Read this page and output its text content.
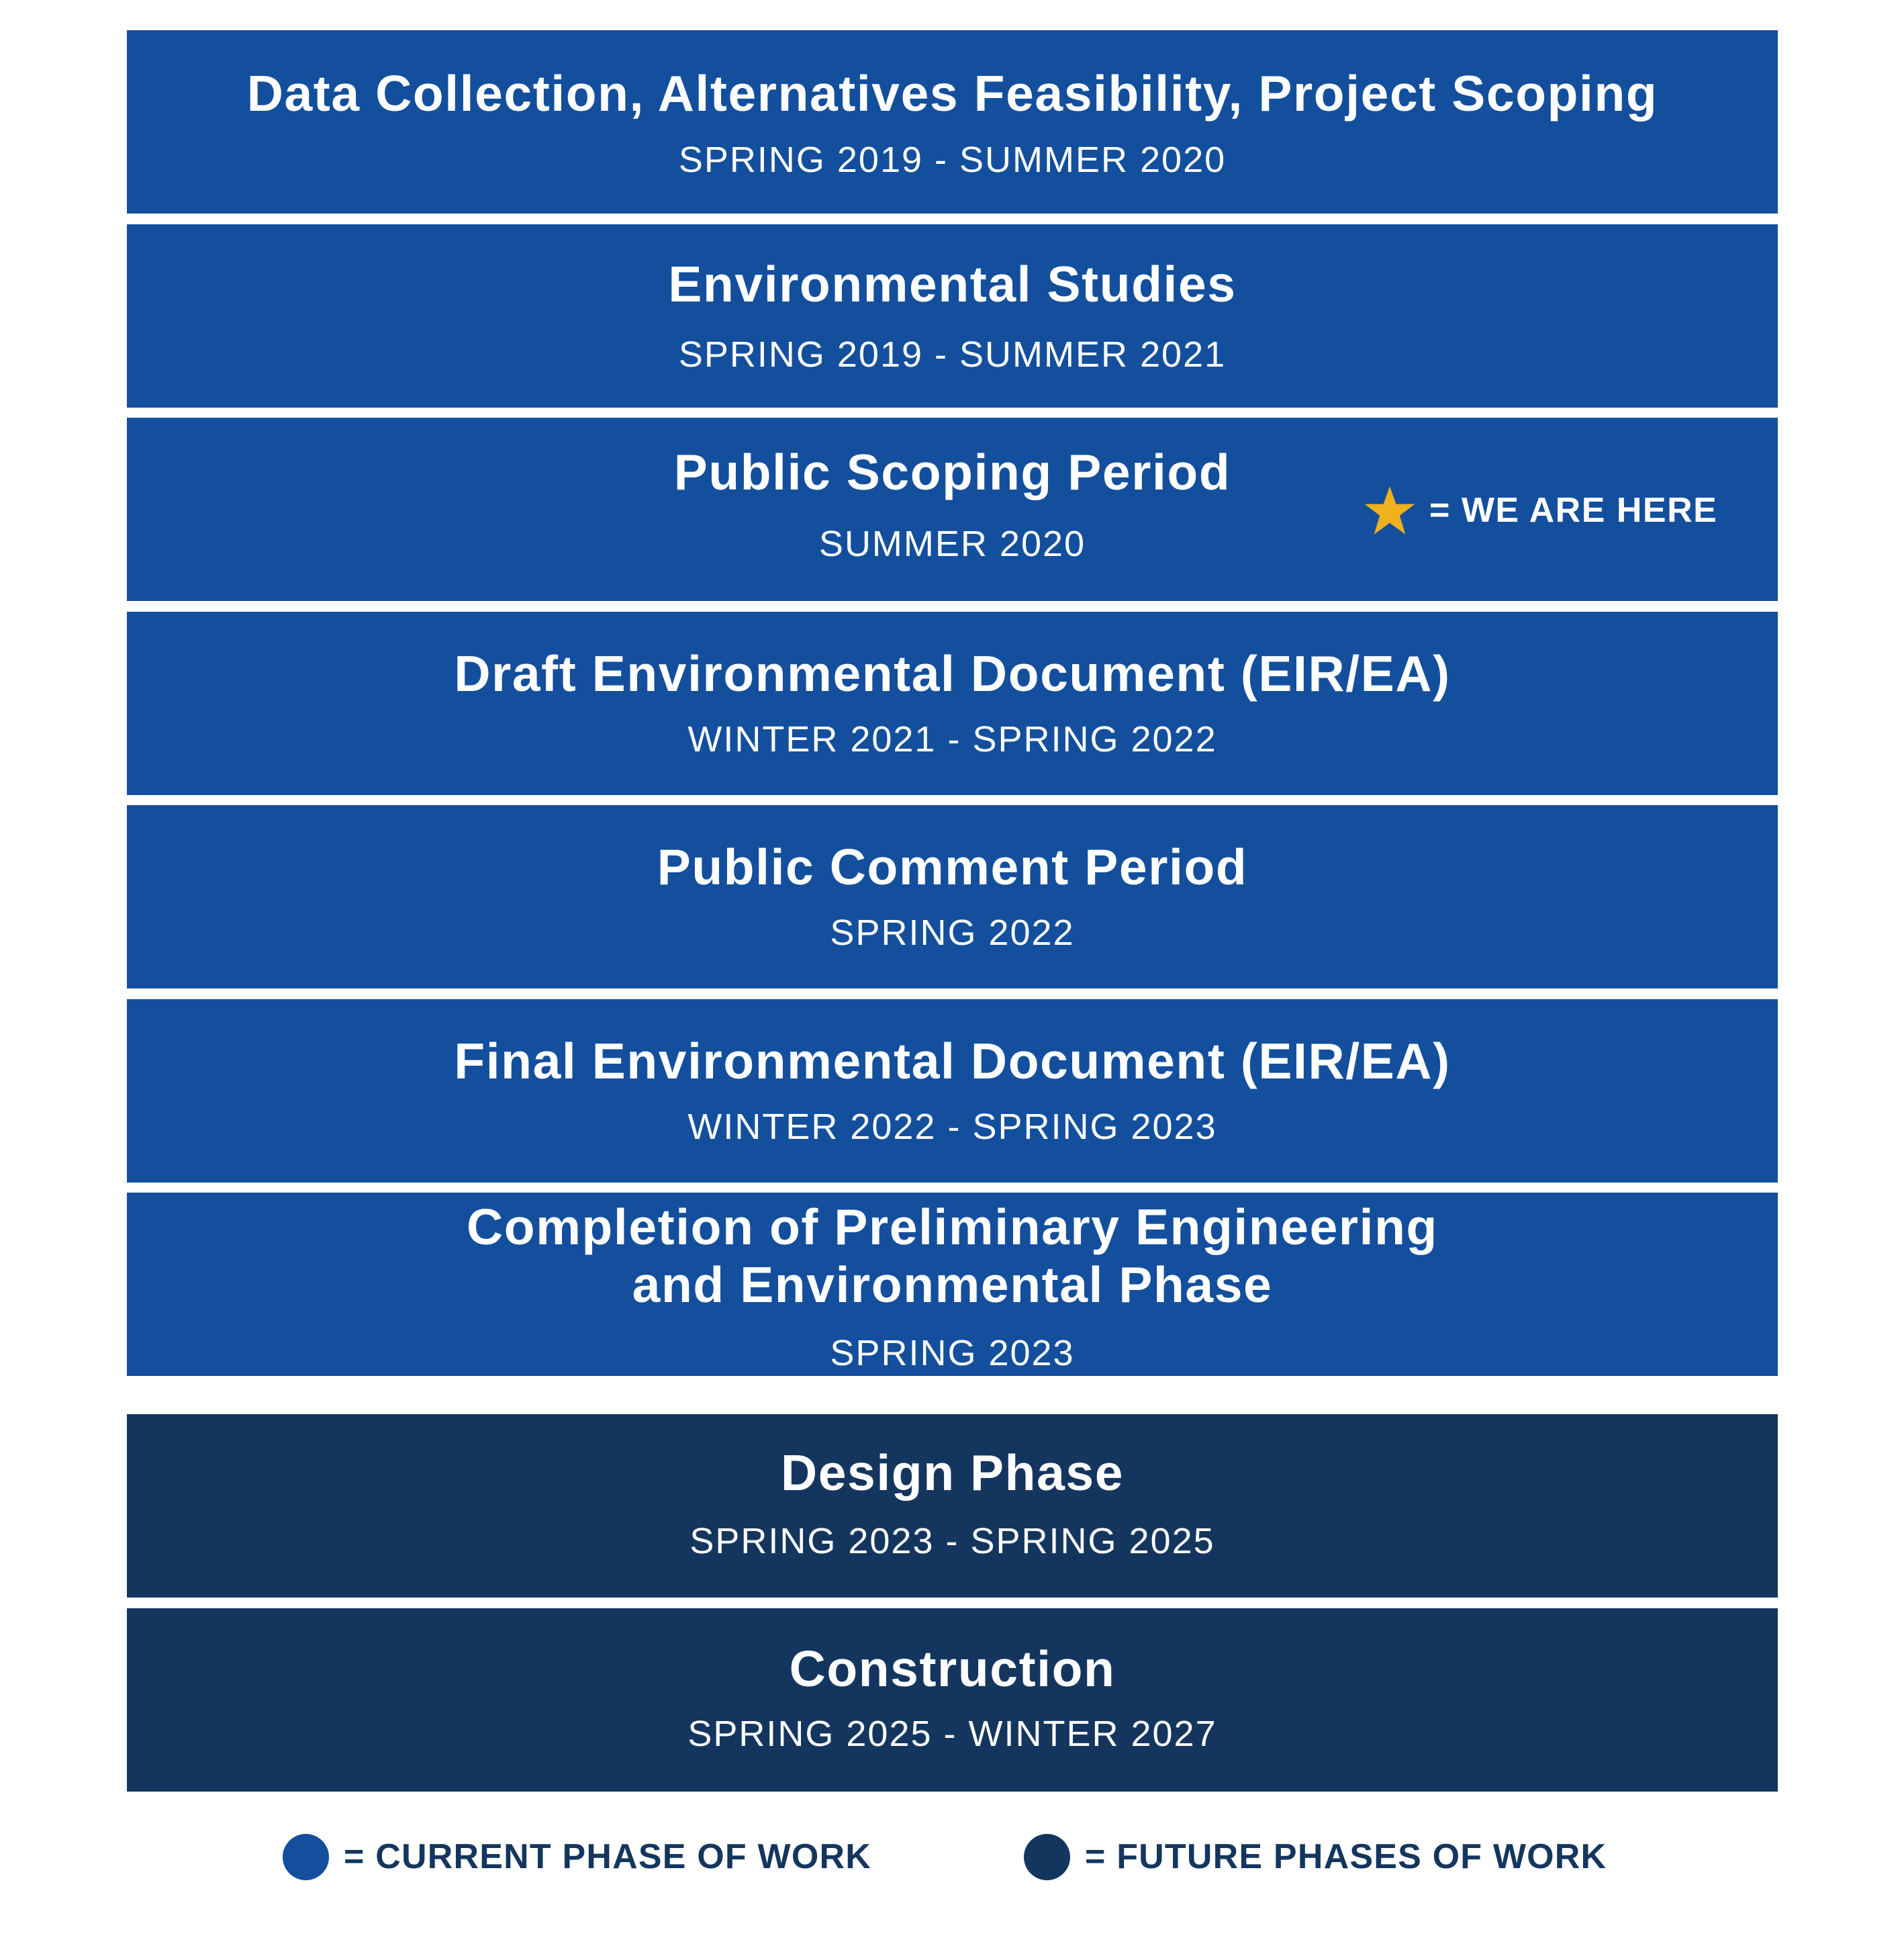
Data Collection, Alternatives Feasibility, Project Scoping
SPRING 2019 - SUMMER 2020
Environmental Studies
SPRING 2019 - SUMMER 2021
Public Scoping Period
SUMMER 2020
= WE ARE HERE
Draft Environmental Document (EIR/EA)
WINTER 2021 - SPRING 2022
Public Comment Period
SPRING 2022
Final Environmental Document (EIR/EA)
WINTER 2022 - SPRING 2023
Completion of Preliminary Engineering
and Environmental Phase
SPRING 2023
Design Phase
SPRING 2023 - SPRING 2025
Construction
SPRING 2025 - WINTER 2027
= CURRENT PHASE OF WORK	= FUTURE PHASES OF WORK
